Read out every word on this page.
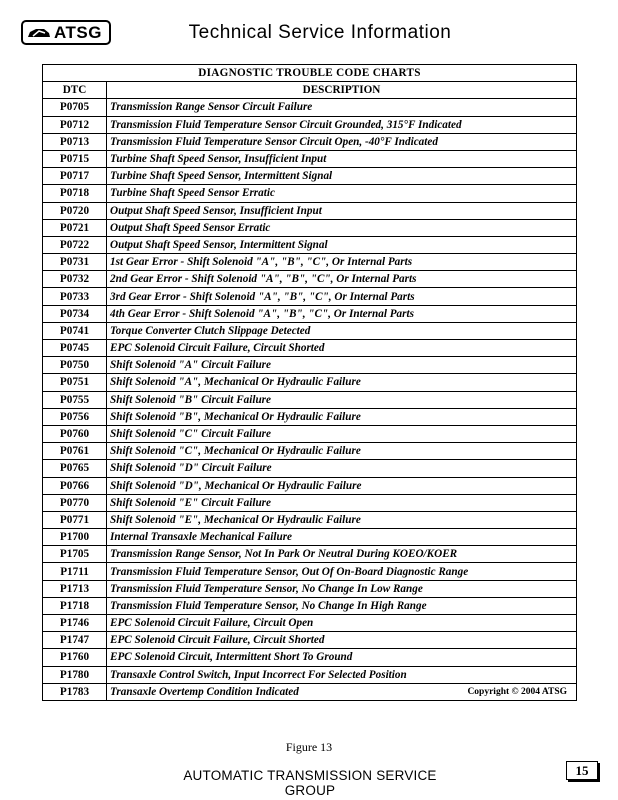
ATSG	Technical Service Information
DIAGNOSTIC TROUBLE CODE CHARTS	
DTC	DESCRIPTION
P0705	Transmission Range Sensor Circuit Failure
P0712	Transmission Fluid Temperature Sensor Circuit Grounded, 315°F Indicated
P0713	Transmission Fluid Temperature Sensor Circuit Open, -40°F Indicated
P0715	Turbine Shaft Speed Sensor, Insufficient Input
P0717	Turbine Shaft Speed Sensor, Intermittent Signal
P0718	Turbine Shaft Speed Sensor Erratic
P0720	Output Shaft Speed Sensor, Insufficient Input
P0721	Output Shaft Speed Sensor Erratic
P0722	Output Shaft Speed Sensor, Intermittent Signal
P0731	1st Gear Error - Shift Solenoid "A", "B", "C", Or Internal Parts
P0732	2nd Gear Error - Shift Solenoid "A", "B", "C", Or Internal Parts
P0733	3rd Gear Error - Shift Solenoid "A", "B", "C", Or Internal Parts
P0734	4th Gear Error - Shift Solenoid "A", "B", "C", Or Internal Parts
P0741	Torque Converter Clutch Slippage Detected
P0745	EPC Solenoid Circuit Failure, Circuit Shorted
P0750	Shift Solenoid "A" Circuit Failure
P0751	Shift Solenoid "A", Mechanical Or Hydraulic Failure
P0755	Shift Solenoid "B" Circuit Failure
P0756	Shift Solenoid "B", Mechanical Or Hydraulic Failure
P0760	Shift Solenoid "C" Circuit Failure
P0761	Shift Solenoid "C", Mechanical Or Hydraulic Failure
P0765	Shift Solenoid "D" Circuit Failure
P0766	Shift Solenoid "D", Mechanical Or Hydraulic Failure
P0770	Shift Solenoid "E" Circuit Failure
P0771	Shift Solenoid "E", Mechanical Or Hydraulic Failure
P1700	Internal Transaxle Mechanical Failure
P1705	Transmission Range Sensor, Not In Park Or Neutral During KOEO/KOER
P1711	Transmission Fluid Temperature Sensor, Out Of On-Board Diagnostic Range
P1713	Transmission Fluid Temperature Sensor, No Change In Low Range
P1718	Transmission Fluid Temperature Sensor, No Change In High Range
P1746	EPC Solenoid Circuit Failure, Circuit Open
P1747	EPC Solenoid Circuit Failure, Circuit Shorted
P1760	EPC Solenoid Circuit, Intermittent Short To Ground
P1780	Transaxle Control Switch, Input Incorrect For Selected Position
P1783	Transaxle Overtemp Condition Indicated Copyright © 2004 ATSG
Figure 13
AUTOMATIC TRANSMISSION SERVICE GROUP
15
